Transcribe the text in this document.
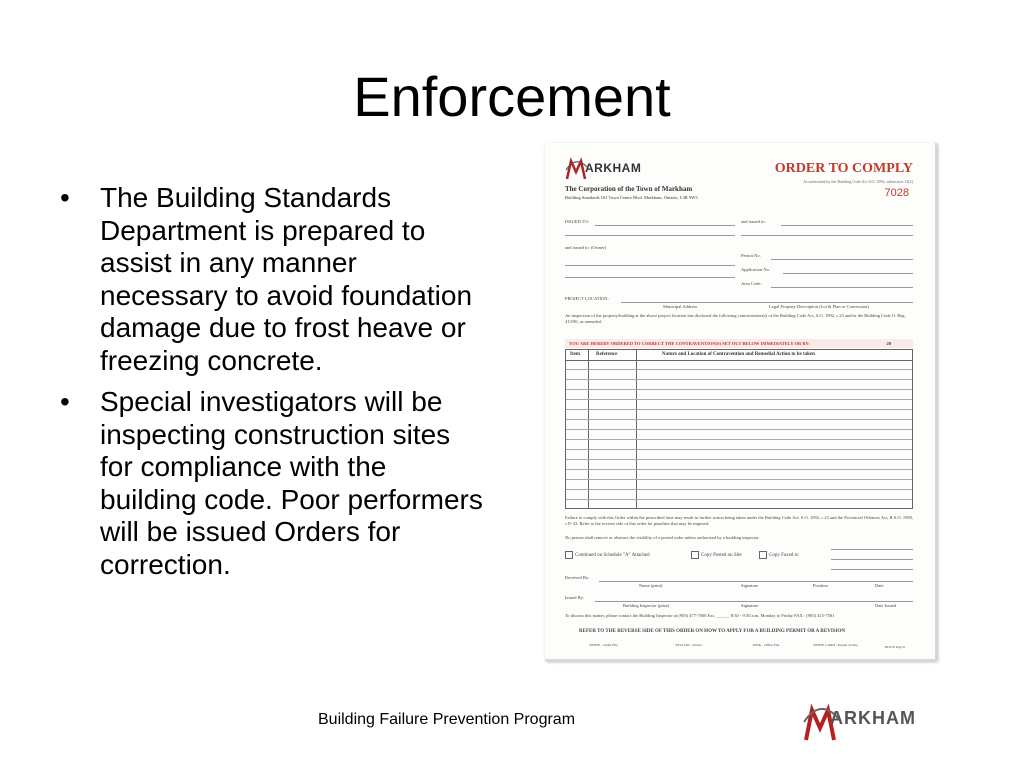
Enforcement
• The Building Standards Department is prepared to assist in any manner necessary to avoid foundation damage due to frost heave or freezing concrete.
• Special investigators will be inspecting construction sites for compliance with the building code. Poor performers will be issued Orders for correction.
ARKHAM	ORDER TO COMPLY
As authorized by the Building Code Act S.O. 1992, subsection 12(2)
7028
The Corporation of the Town of Markham
Building Standards 101 Town Centre Blvd. Markham, Ontario, L3R 9W3
ISSUED TO:	and issued to:
and issued to: (Owner)
Permit No.
Application No.
Area Code:
PROJECT LOCATION:
Municipal Address	Legal Property Description (Lot & Plan or Concession)
An inspection of the property/building at the above project location has disclosed the following contravention(s) of the Building Code Act, S.O. 1992, c.23 and/or the Building Code O. Reg. 413/90, as amended.
YOU ARE HEREBY ORDERED TO CORRECT THE CONTRAVENTION(S) SET OUT BELOW IMMEDIATELY OR BY:	20
Item	Reference	Nature and Location of Contravention and Remedial Action to be taken
Failure to comply with this Order within the prescribed time may result in further action being taken under the Building Code Act. S.O. 1992, c.23 and the Provincial Offences Act, R.S.O. 1990, c.P.-33. Refer to the reverse side of this order for penalties that may be imposed.
No person shall remove or obstruct the visibility of a posted order unless authorized by a building inspector.
Continued on Schedule "A" Attached	Copy Posted on Site	Copy Faxed to
Received By:
Name (print)	Signature	Position	Date
Issued By:
Building Inspector (print)	Signature	Date Issued
To discuss this matter, please contact the Building Inspector at (905) 477-7000 Ext. ______ 8:30 - 9:30 a.m. Monday to Friday FAX : (905) 415-7581
REFER TO THE REVERSE SIDE OF THIS ORDER ON HOW TO APPLY FOR A BUILDING PERMIT OR A REVISION
WHITE - Order File	YELLOW - Owner	PINK - Office File	WHITE CARD - Posted on Site	BLD-50 Page 01
Building Failure Prevention Program	ARKHAM
